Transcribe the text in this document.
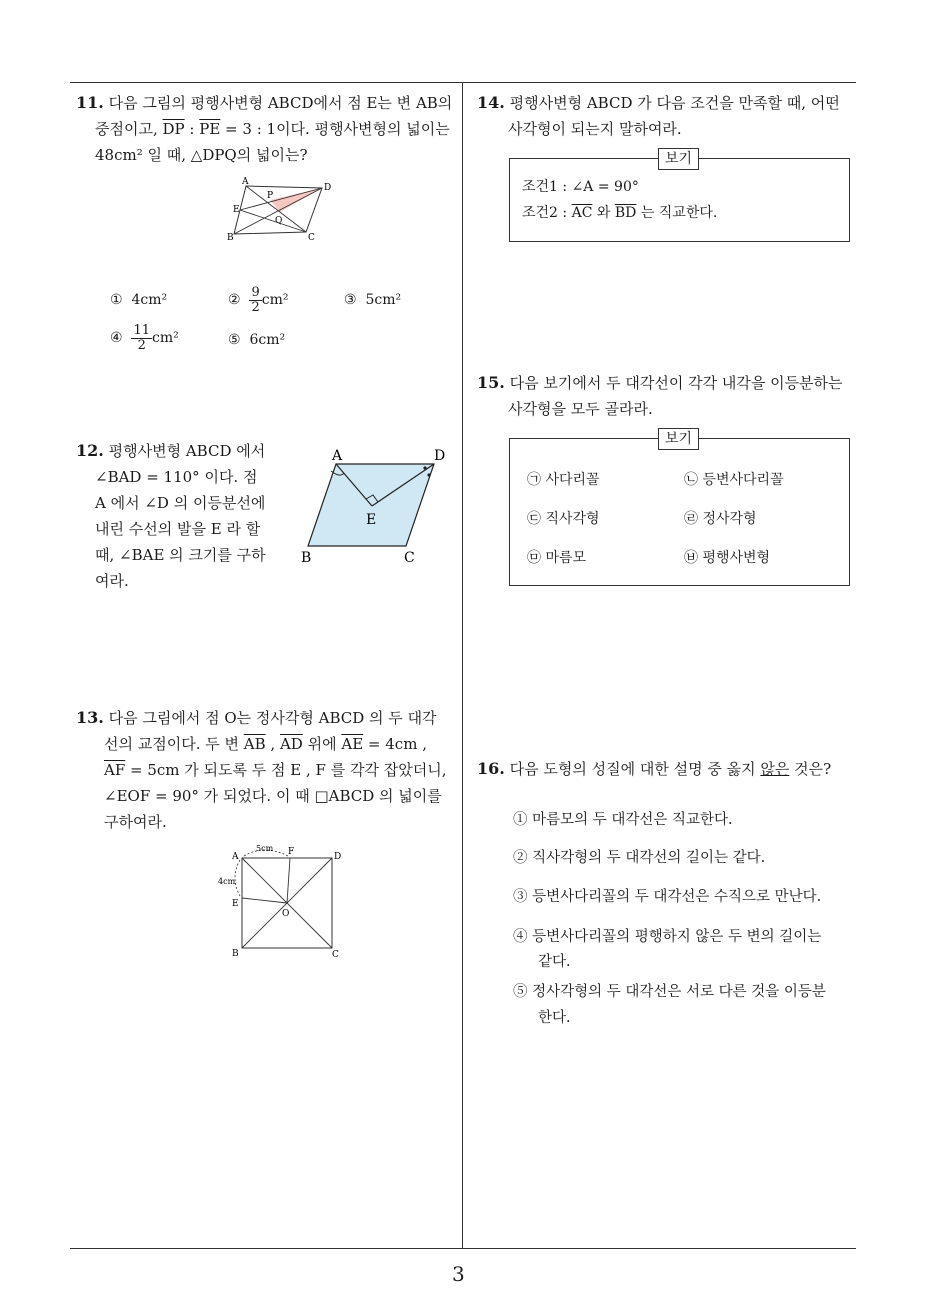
3
11. 다음 그림의 평행사변형 ABCD에서 점 E는 변 AB의
중점이고, $\overline{DP}$ : $\overline{PE} = 3$ : 1이다. 평행사변형의 넓이는
48cm² 일 때, △DPQ의 넓이는?
A
D
E
P
Q
B	C
① 4cm²	② $\frac{9}{2} cm^2$	③ 5cm²
④ $\frac{11}{2} cm^2$	⑤ 6cm²
12. 평행사변형 ABCD 에서
∠BAD = 110° 이다. 점
A 에서 ∠D 의 이등분선에
내린 수선의 발을 E 라 할
때, ∠BAE 의 크기를 구하
여라.
A	D
E
B	C
13. 다음 그림에서 점 O는 정사각형 ABCD 의 두 대각
선의 교점이다. 두 변 $\overline{AB}$ , $\overline{AD}$ 위에 $\overline{AE} = 4cm$ ,
$\overline{AF} = 5cm$ 가 되도록 두 점 E , F 를 각각 잡았더니,
∠EOF = 90° 가 되었다. 이 때 □ABCD 의 넓이를
구하여라.
5cm
4cm
A	F	D
E
O
B	C
14. 평행사변형 ABCD 가 다음 조건을 만족할 때, 어떤
사각형이 되는지 말하여라.
보기
조건1 : ∠A = 90°
조건2 : $\overline{AC}$ 와 $\overline{BD}$ 는 직교한다.
15. 다음 보기에서 두 대각선이 각각 내각을 이등분하는
사각형을 모두 골라라.
보기
㉠ 사다리꼴	㉡ 등변사다리꼴
㉢ 직사각형	㉣ 정사각형
㉤ 마름모	㉥ 평행사변형
16. 다음 도형의 성질에 대한 설명 중 옳지 않은 것은?
① 마름모의 두 대각선은 직교한다.
② 직사각형의 두 대각선의 길이는 같다.
③ 등변사다리꼴의 두 대각선은 수직으로 만난다.
④ 등변사다리꼴의 평행하지 않은 두 변의 길이는
같다.
⑤ 정사각형의 두 대각선은 서로 다른 것을 이등분
한다.
